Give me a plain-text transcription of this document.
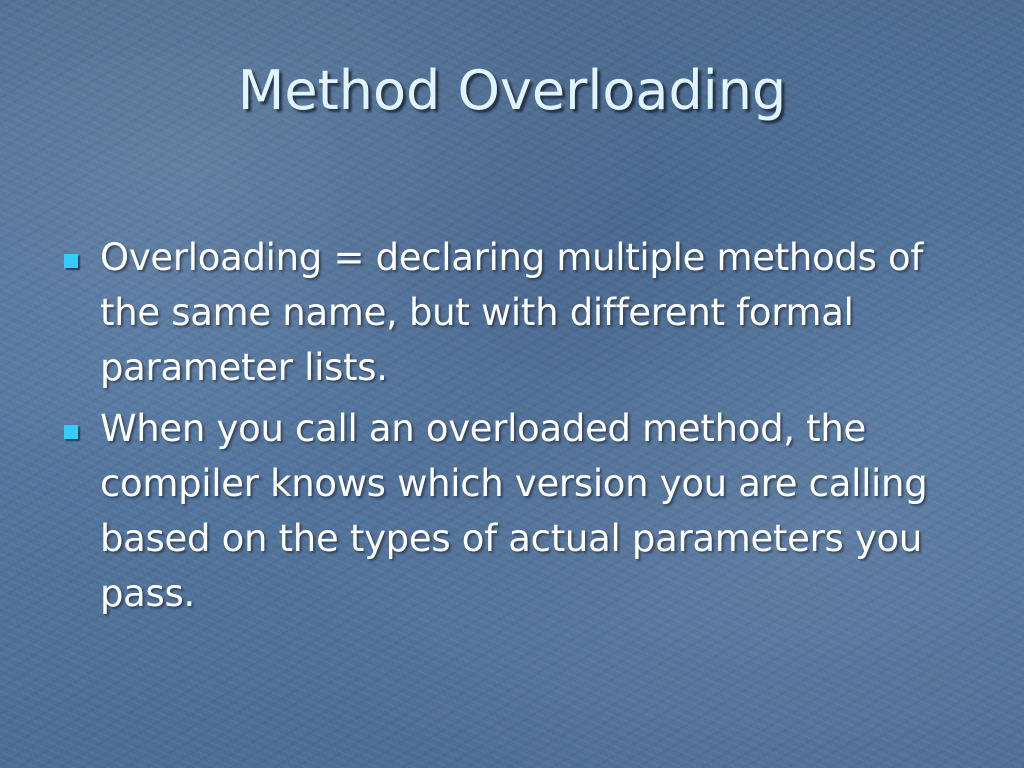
Method Overloading
Overloading = declaring multiple methods of the same name, but with different formal parameter lists.
When you call an overloaded method, the compiler knows which version you are calling based on the types of actual parameters you pass.
